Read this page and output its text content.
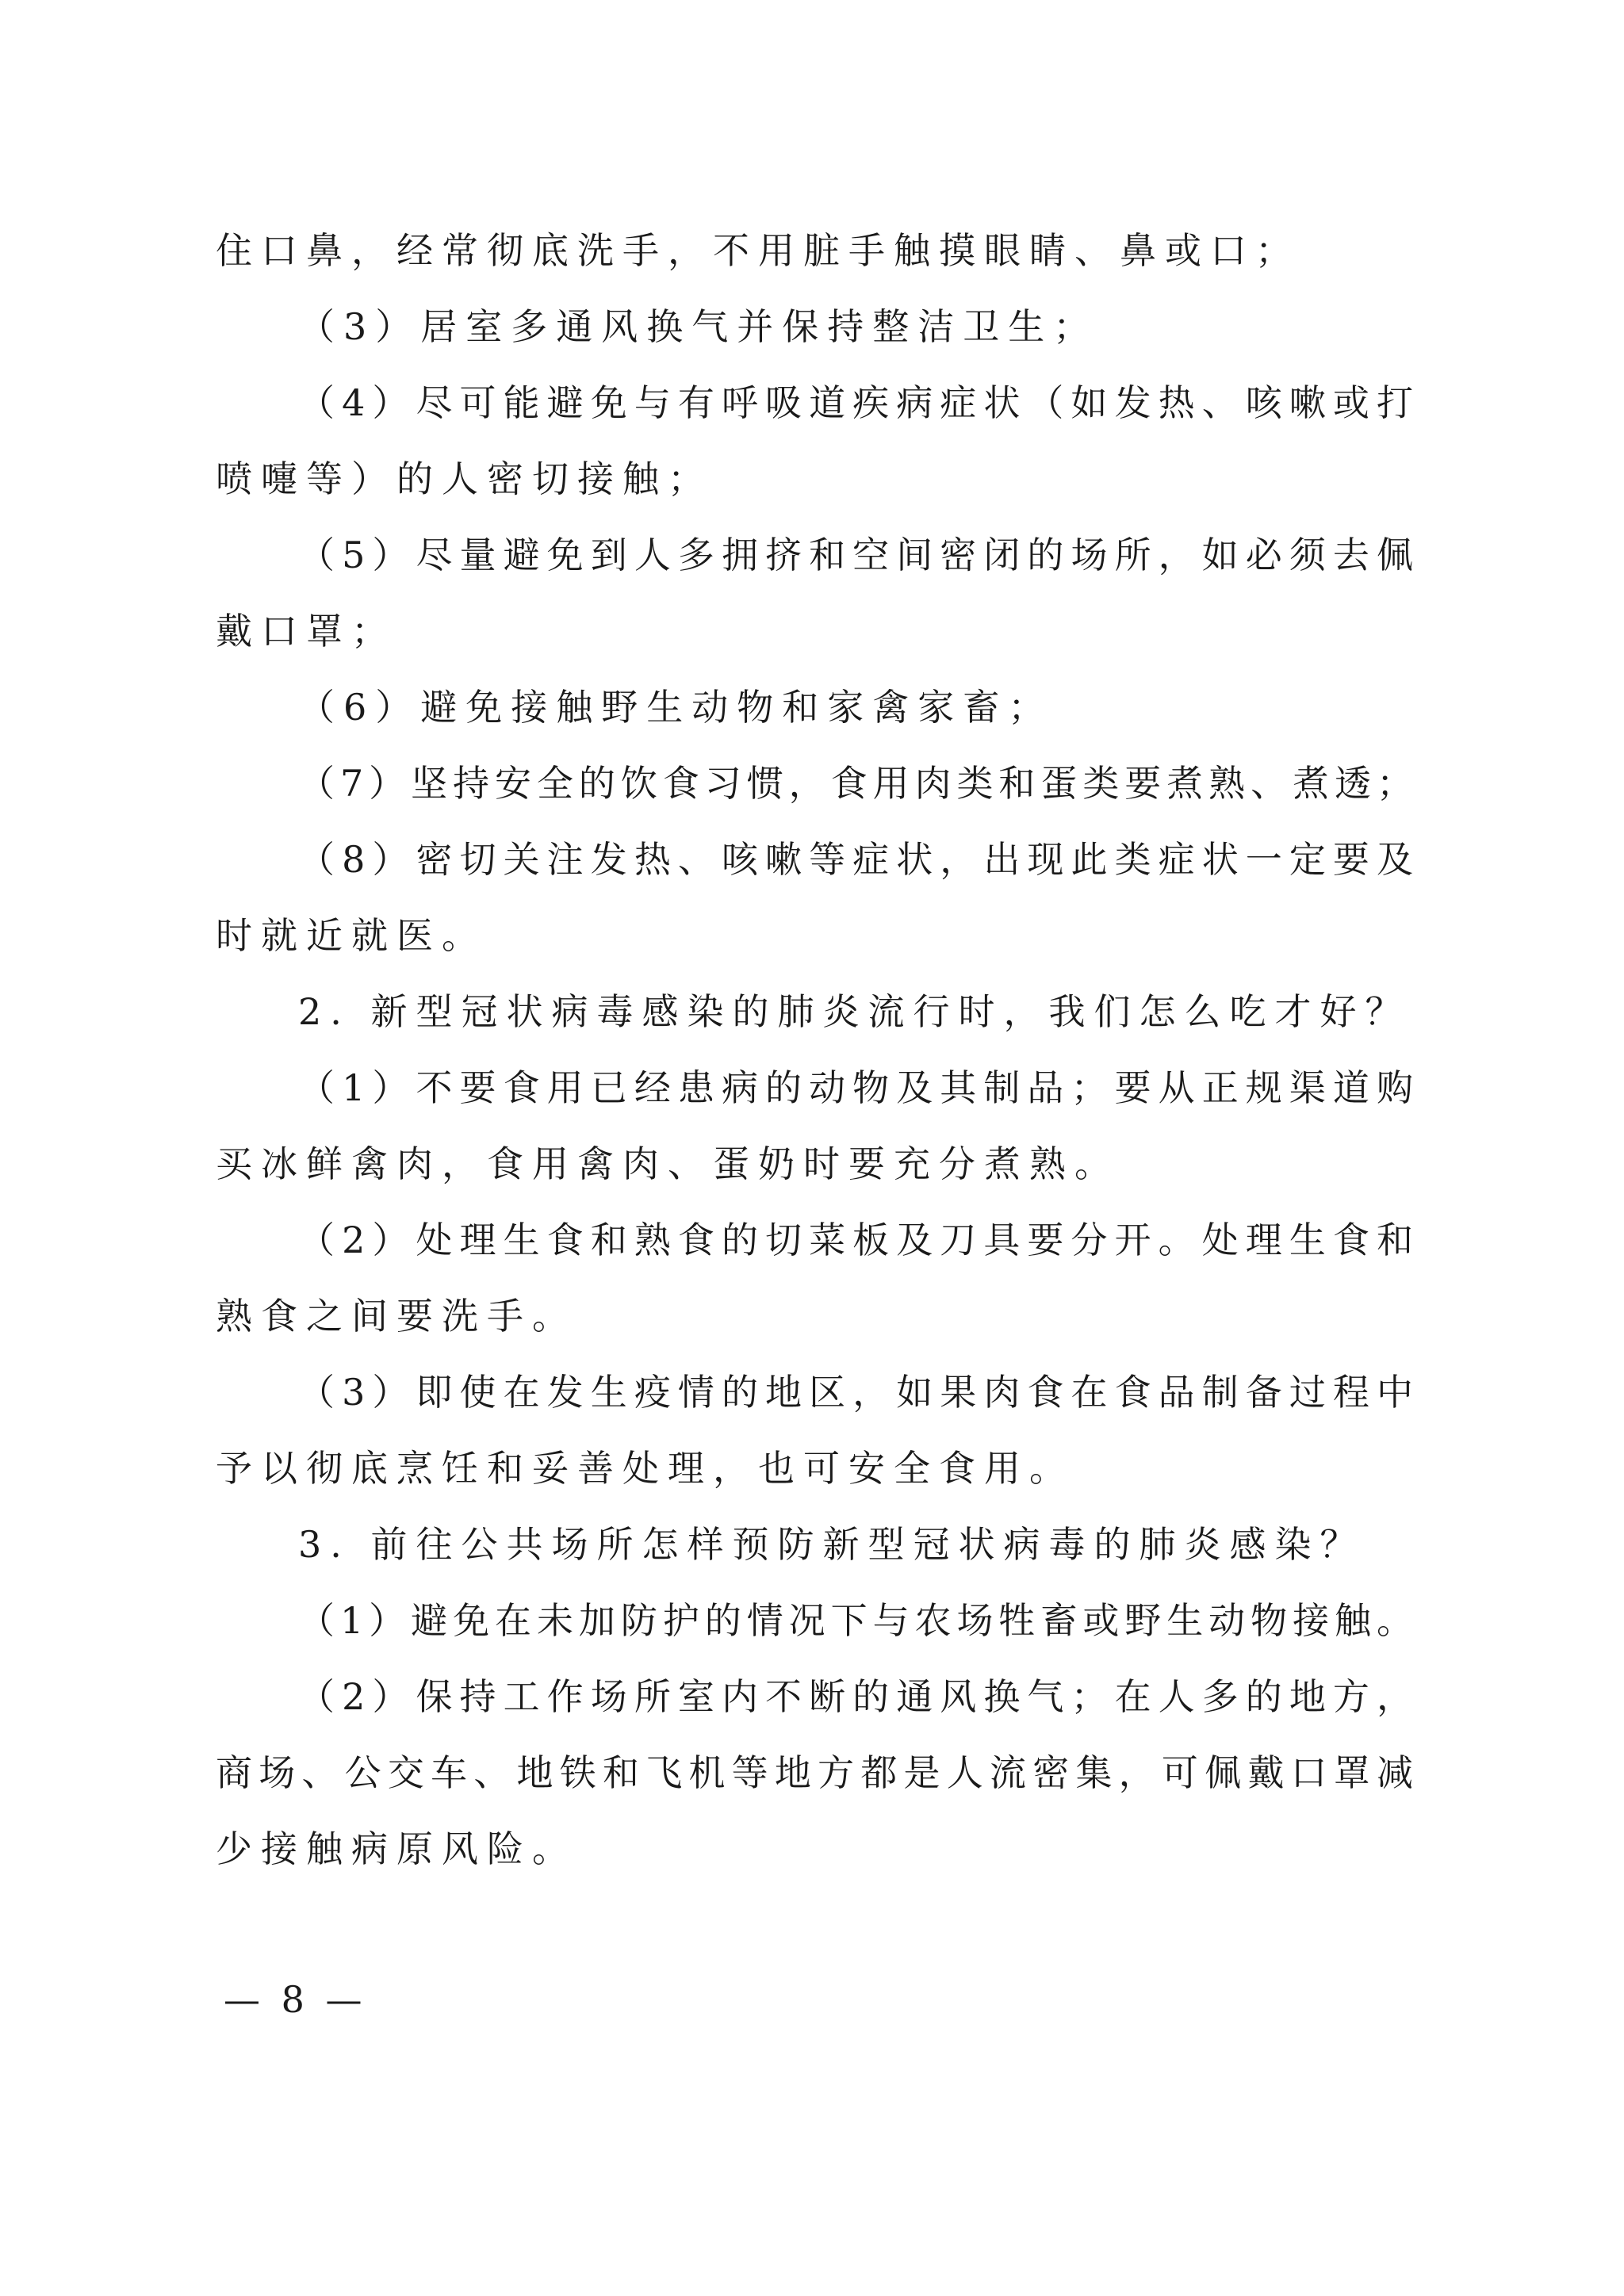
住口鼻，经常彻底洗手，不用脏手触摸眼睛、鼻或口；
（3）居室多通风换气并保持整洁卫生；
（4）尽可能避免与有呼吸道疾病症状（如发热、咳嗽或打
喷嚏等）的人密切接触；
（5）尽量避免到人多拥挤和空间密闭的场所，如必须去佩
戴口罩；
（6）避免接触野生动物和家禽家畜；
（7）坚持安全的饮食习惯，食用肉类和蛋类要煮熟、煮透；
（8）密切关注发热、咳嗽等症状，出现此类症状一定要及
时就近就医。
2. 新型冠状病毒感染的肺炎流行时，我们怎么吃才好？
（1）不要食用已经患病的动物及其制品；要从正规渠道购
买冰鲜禽肉，食用禽肉、蛋奶时要充分煮熟。
（2）处理生食和熟食的切菜板及刀具要分开。处理生食和
熟食之间要洗手。
（3）即使在发生疫情的地区，如果肉食在食品制备过程中
予以彻底烹饪和妥善处理，也可安全食用。
3. 前往公共场所怎样预防新型冠状病毒的肺炎感染？
（1）避免在未加防护的情况下与农场牲畜或野生动物接触。
（2）保持工作场所室内不断的通风换气；在人多的地方，
商场、公交车、地铁和飞机等地方都是人流密集，可佩戴口罩减
少接触病原风险。
— 8 —
